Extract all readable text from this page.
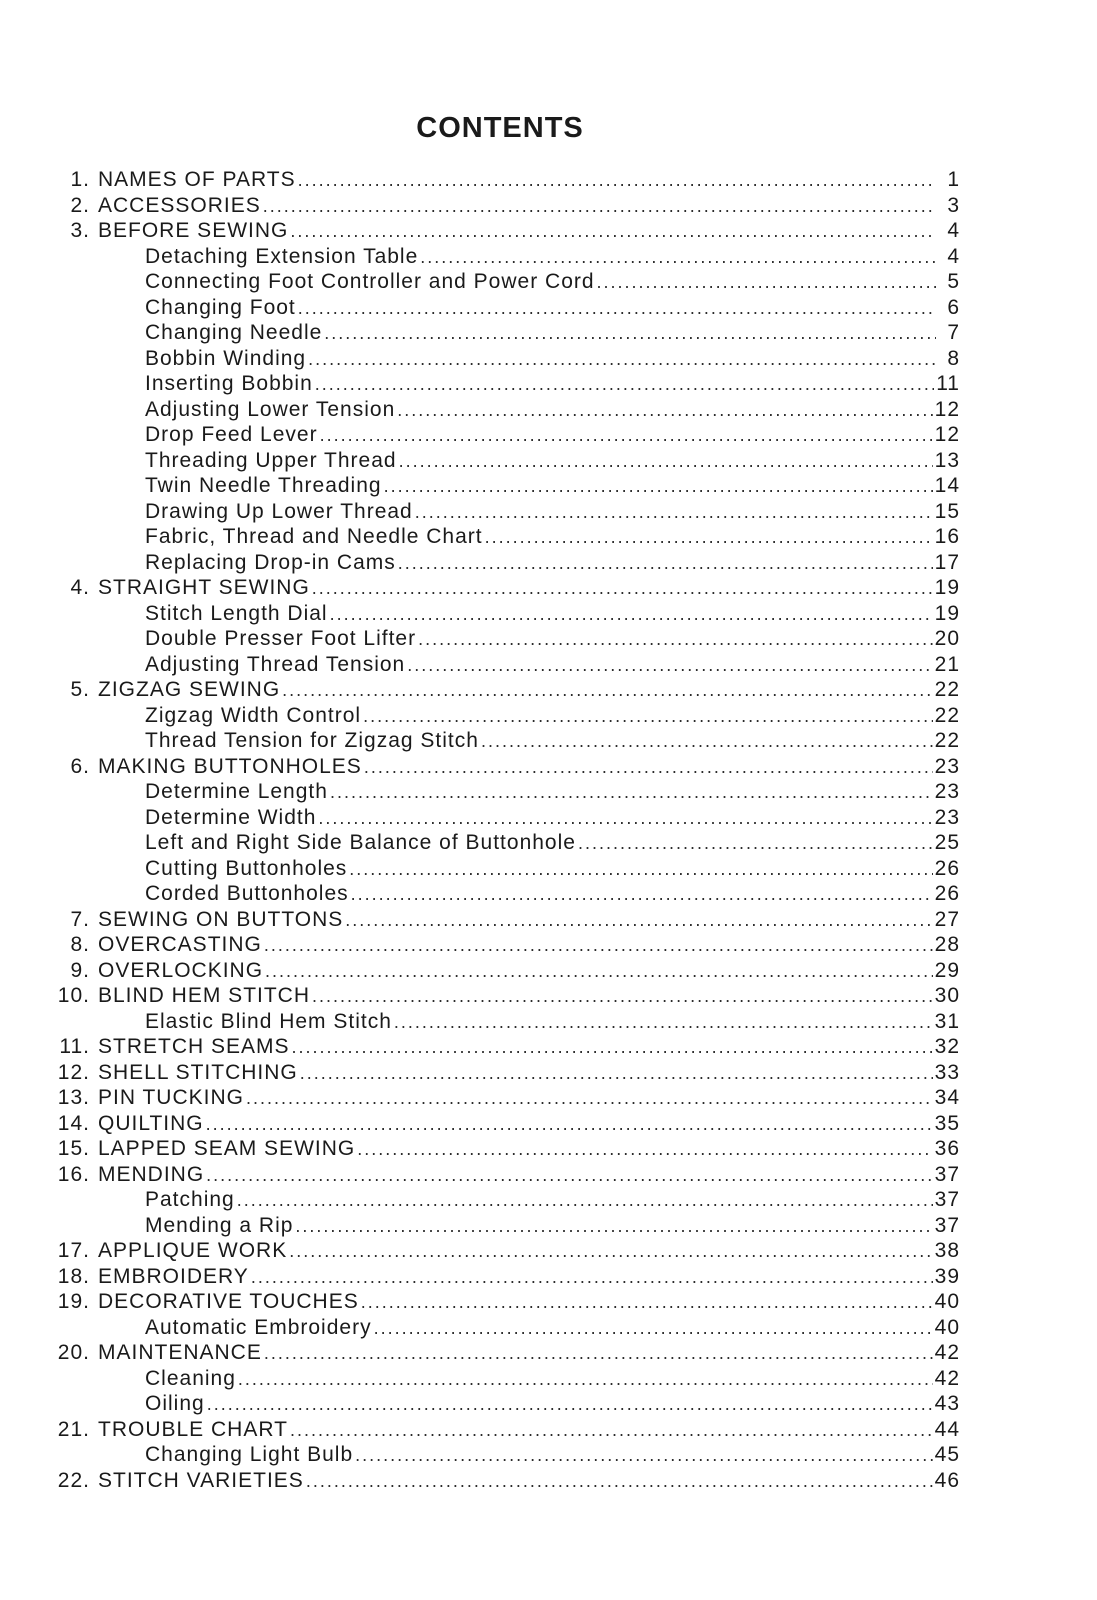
CONTENTS
1. NAMES OF PARTS .....	1
2. ACCESSORIES .....	3
3. BEFORE SEWING .....	4
Detaching Extension Table .....	4
Connecting Foot Controller and Power Cord .....	5
Changing Foot .....	6
Changing Needle .....	7
Bobbin Winding .....	8
Inserting Bobbin .....	11
Adjusting Lower Tension .....	12
Drop Feed Lever .....	12
Threading Upper Thread .....	13
Twin Needle Threading .....	14
Drawing Up Lower Thread .....	15
Fabric, Thread and Needle Chart .....	16
Replacing Drop-in Cams .....	17
4. STRAIGHT SEWING .....	19
Stitch Length Dial .....	19
Double Presser Foot Lifter .....	20
Adjusting Thread Tension .....	21
5. ZIGZAG SEWING .....	22
Zigzag Width Control .....	22
Thread Tension for Zigzag Stitch .....	22
6. MAKING BUTTONHOLES .....	23
Determine Length .....	23
Determine Width .....	23
Left and Right Side Balance of Buttonhole .....	25
Cutting Buttonholes .....	26
Corded Buttonholes .....	26
7. SEWING ON BUTTONS .....	27
8. OVERCASTING .....	28
9. OVERLOCKING .....	29
10. BLIND HEM STITCH .....	30
Elastic Blind Hem Stitch .....	31
11. STRETCH SEAMS .....	32
12. SHELL STITCHING .....	33
13. PIN TUCKING .....	34
14. QUILTING .....	35
15. LAPPED SEAM SEWING .....	36
16. MENDING .....	37
Patching .....	37
Mending a Rip .....	37
17. APPLIQUE WORK .....	38
18. EMBROIDERY .....	39
19. DECORATIVE TOUCHES .....	40
Automatic Embroidery .....	40
20. MAINTENANCE .....	42
Cleaning .....	42
Oiling .....	43
21. TROUBLE CHART .....	44
Changing Light Bulb .....	45
22. STITCH VARIETIES .....	46
